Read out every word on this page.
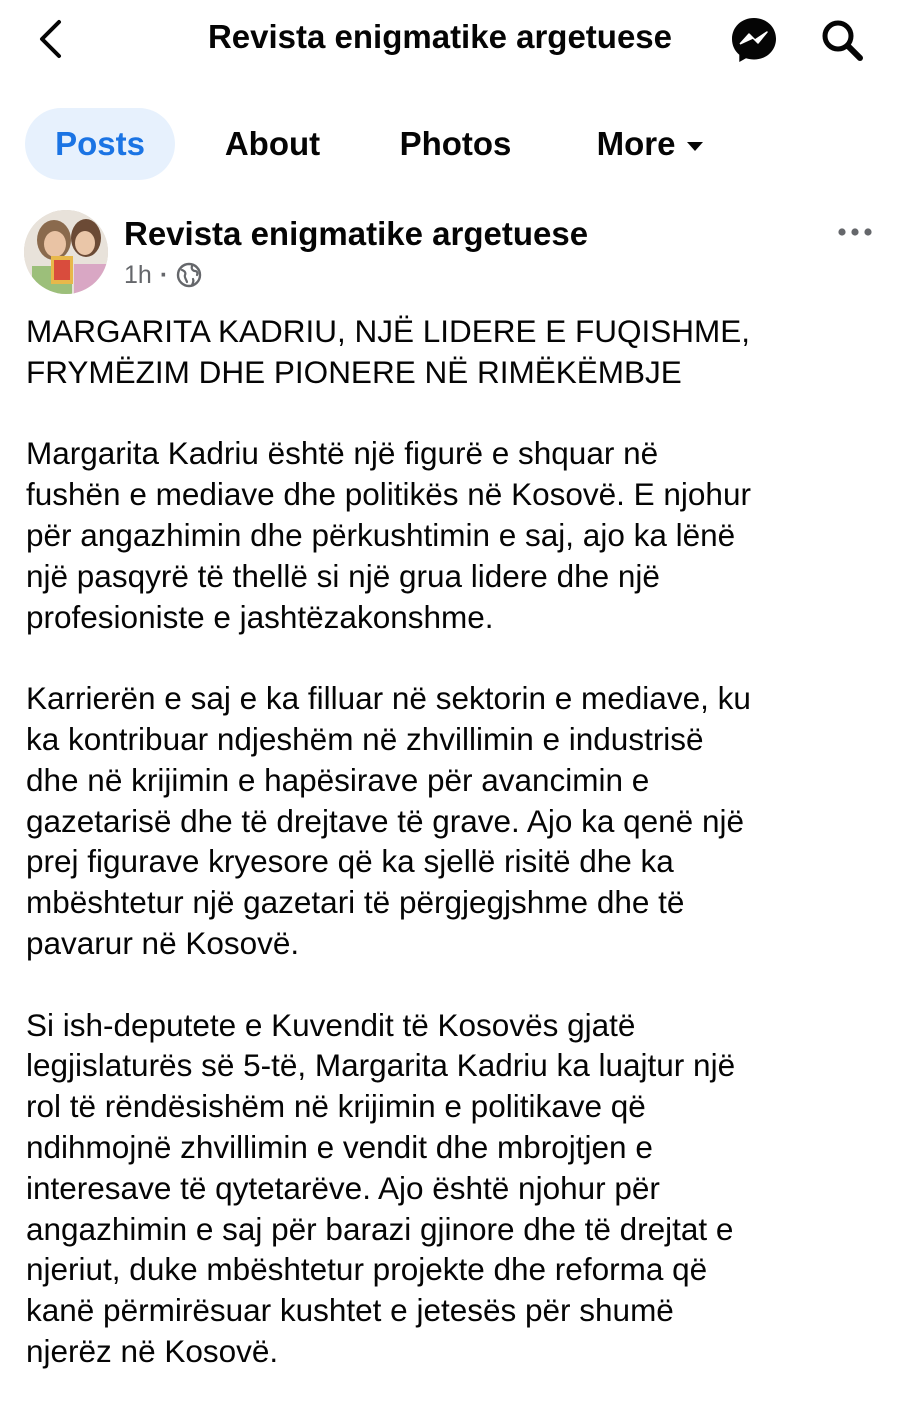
Revista enigmatike argetuese
Posts	About	Photos	More
Revista enigmatike argetuese
1h ·

MARGARITA KADRIU, NJË LIDERE E FUQISHME,
FRYMËZIM DHE PIONERE NË RIMËKËMBJE

Margarita Kadriu është një figurë e shquar në
fushën e mediave dhe politikës në Kosovë. E njohur
për angazhimin dhe përkushtimin e saj, ajo ka lënë
një pasqyrë të thellë si një grua lidere dhe një
profesioniste e jashtëzakonshme.

Karrierën e saj e ka filluar në sektorin e mediave, ku
ka kontribuar ndjeshëm në zhvillimin e industrisë
dhe në krijimin e hapësirave për avancimin e
gazetarisë dhe të drejtave të grave. Ajo ka qenë një
prej figurave kryesore që ka sjellë risitë dhe ka
mbështetur një gazetari të përgjegjshme dhe të
pavarur në Kosovë.

Si ish-deputete e Kuvendit të Kosovës gjatë
legjislaturës së 5-të, Margarita Kadriu ka luajtur një
rol të rëndësishëm në krijimin e politikave që
ndihmojnë zhvillimin e vendit dhe mbrojtjen e
interesave të qytetarëve. Ajo është njohur për
angazhimin e saj për barazi gjinore dhe të drejtat e
njeriut, duke mbështetur projekte dhe reforma që
kanë përmirësuar kushtet e jetesës për shumë
njerëz në Kosovë.
